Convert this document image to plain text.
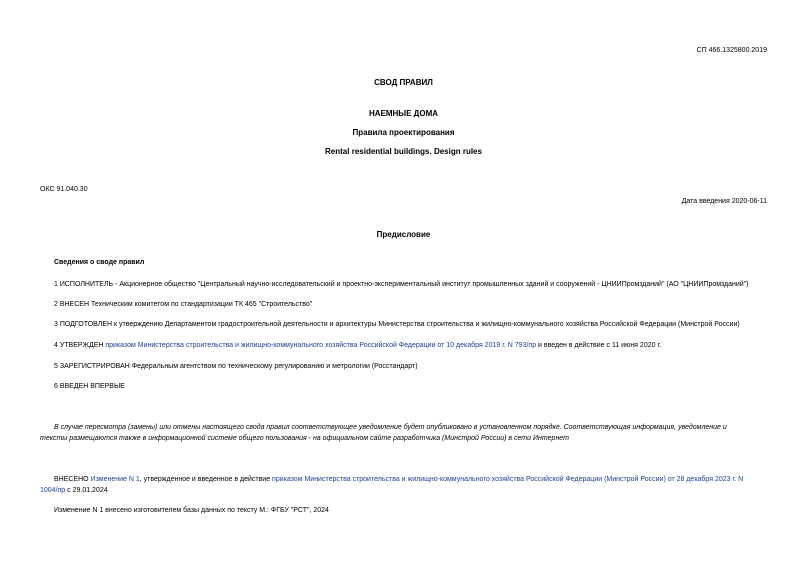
СП 466.1325800.2019
СВОД ПРАВИЛ
НАЕМНЫЕ ДОМА
Правила проектирования
Rental residential buildings. Design rules
ОКС 91.040.30
Дата введения 2020-06-11
Предисловие
Сведения о своде правил
1 ИСПОЛНИТЕЛЬ - Акционерное общество "Центральный научно-исследовательский и проектно-экспериментальный институт промышленных зданий и сооружений - ЦНИИПромзданий" (АО "ЦНИИПромзданий")
2 ВНЕСЕН Техническим комитетом по стандартизации ТК 465 "Строительство"
3 ПОДГОТОВЛЕН к утверждению Департаментом градостроительной деятельности и архитектуры Министерства строительства и жилищно-коммунального хозяйства Российской Федерации (Минстрой России)
4 УТВЕРЖДЕН приказом Министерства строительства и жилищно-коммунального хозяйства Российской Федерации от 10 декабря 2019 г. N 793/пр и введен в действие с 11 июня 2020 г.
5 ЗАРЕГИСТРИРОВАН Федеральным агентством по техническому регулированию и метрологии (Росстандарт)
6 ВВЕДЕН ВПЕРВЫЕ
В случае пересмотра (замены) или отмены настоящего свода правил соответствующее уведомление будет опубликовано в установленном порядке. Соответствующая информация, уведомление и
тексты размещаются также в информационной системе общего пользования - на официальном сайте разработчика (Минстрой России) в сети Интернет
ВНЕСЕНО Изменение N 1, утвержденное и введенное в действие приказом Министерства строительства и жилищно-коммунального хозяйства Российской Федерации (Минстрой России) от 28 декабря 2023 г. N
1004/пр с 29.01.2024
Изменение N 1 внесено изготовителем базы данных по тексту М.: ФГБУ "РСТ", 2024
